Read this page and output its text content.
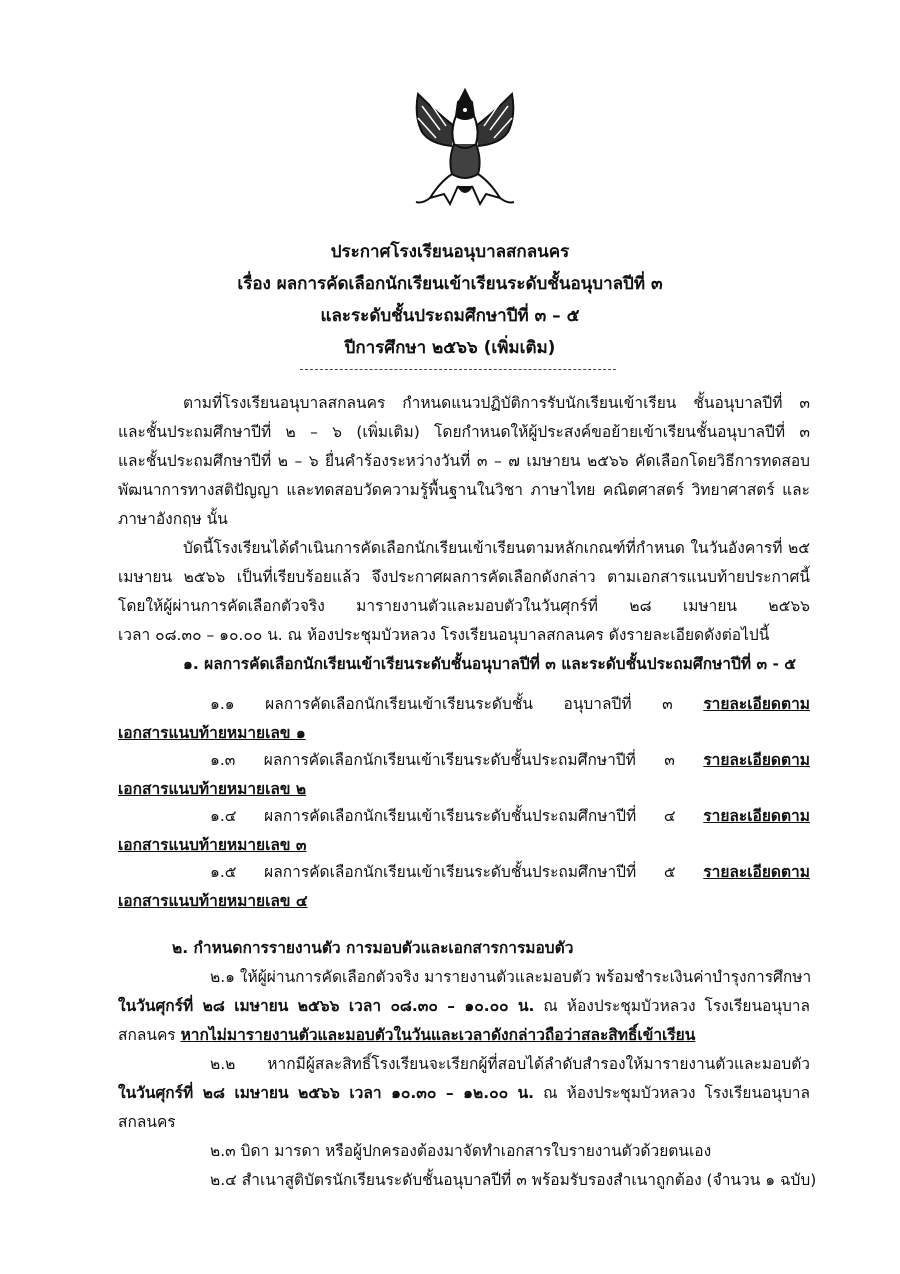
ประกาศโรงเรียนอนุบาลสกลนคร
เรื่อง ผลการคัดเลือกนักเรียนเข้าเรียนระดับชั้นอนุบาลปีที่ ๓
และระดับชั้นประถมศึกษาปีที่ ๓ – ๕
ปีการศึกษา ๒๕๖๖ (เพิ่มเติม)
ตามที่โรงเรียนอนุบาลสกลนคร กำหนดแนวปฏิบัติการรับนักเรียนเข้าเรียน ชั้นอนุบาลปีที่ ๓
และชั้นประถมศึกษาปีที่ ๒ – ๖ (เพิ่มเติม) โดยกำหนดให้ผู้ประสงค์ขอย้ายเข้าเรียนชั้นอนุบาลปีที่ ๓
และชั้นประถมศึกษาปีที่ ๒ – ๖ ยื่นคำร้องระหว่างวันที่ ๓ – ๗ เมษายน ๒๕๖๖ คัดเลือกโดยวิธีการทดสอบ
พัฒนาการทางสติปัญญา และทดสอบวัดความรู้พื้นฐานในวิชา ภาษาไทย คณิตศาสตร์ วิทยาศาสตร์ และ
ภาษาอังกฤษ นั้น
บัดนี้โรงเรียนได้ดำเนินการคัดเลือกนักเรียนเข้าเรียนตามหลักเกณฑ์ที่กำหนด ในวันอังคารที่ ๒๕
เมษายน ๒๕๖๖ เป็นที่เรียบร้อยแล้ว จึงประกาศผลการคัดเลือกดังกล่าว ตามเอกสารแนบท้ายประกาศนี้
โดยให้ผู้ผ่านการคัดเลือกตัวจริง มารายงานตัวและมอบตัวในวันศุกร์ที่ ๒๘ เมษายน ๒๕๖๖
เวลา ๐๘.๓๐ – ๑๐.๐๐ น. ณ ห้องประชุมบัวหลวง โรงเรียนอนุบาลสกลนคร ดังรายละเอียดดังต่อไปนี้
๑. ผลการคัดเลือกนักเรียนเข้าเรียนระดับชั้นอนุบาลปีที่ ๓ และระดับชั้นประถมศึกษาปีที่ ๓ - ๕
๑.๑ ผลการคัดเลือกนักเรียนเข้าเรียนระดับชั้น อนุบาลปีที่ ๓ รายละเอียดตาม
เอกสารแนบท้ายหมายเลข ๑
๑.๓ ผลการคัดเลือกนักเรียนเข้าเรียนระดับชั้นประถมศึกษาปีที่ ๓ รายละเอียดตาม
เอกสารแนบท้ายหมายเลข ๒
๑.๔ ผลการคัดเลือกนักเรียนเข้าเรียนระดับชั้นประถมศึกษาปีที่ ๔ รายละเอียดตาม
เอกสารแนบท้ายหมายเลข ๓
๑.๕ ผลการคัดเลือกนักเรียนเข้าเรียนระดับชั้นประถมศึกษาปีที่ ๕ รายละเอียดตาม
เอกสารแนบท้ายหมายเลข ๔
๒. กำหนดการรายงานตัว การมอบตัวและเอกสารการมอบตัว
๒.๑ ให้ผู้ผ่านการคัดเลือกตัวจริง มารายงานตัวและมอบตัว พร้อมชำระเงินค่าบำรุงการศึกษา
ในวันศุกร์ที่ ๒๘ เมษายน ๒๕๖๖ เวลา ๐๘.๓๐ – ๑๐.๐๐ น. ณ ห้องประชุมบัวหลวง โรงเรียนอนุบาล
สกลนคร หากไม่มารายงานตัวและมอบตัวในวันและเวลาดังกล่าวถือว่าสละสิทธิ์เข้าเรียน
๒.๒ หากมีผู้สละสิทธิ์โรงเรียนจะเรียกผู้ที่สอบได้ลำดับสำรองให้มารายงานตัวและมอบตัว
ในวันศุกร์ที่ ๒๘ เมษายน ๒๕๖๖ เวลา ๑๐.๓๐ – ๑๒.๐๐ น. ณ ห้องประชุมบัวหลวง โรงเรียนอนุบาล
สกลนคร
๒.๓ บิดา มารดา หรือผู้ปกครองต้องมาจัดทำเอกสารใบรายงานตัวด้วยตนเอง
๒.๔ สำเนาสูติบัตรนักเรียนระดับชั้นอนุบาลปีที่ ๓ พร้อมรับรองสำเนาถูกต้อง (จำนวน ๑ ฉบับ)
